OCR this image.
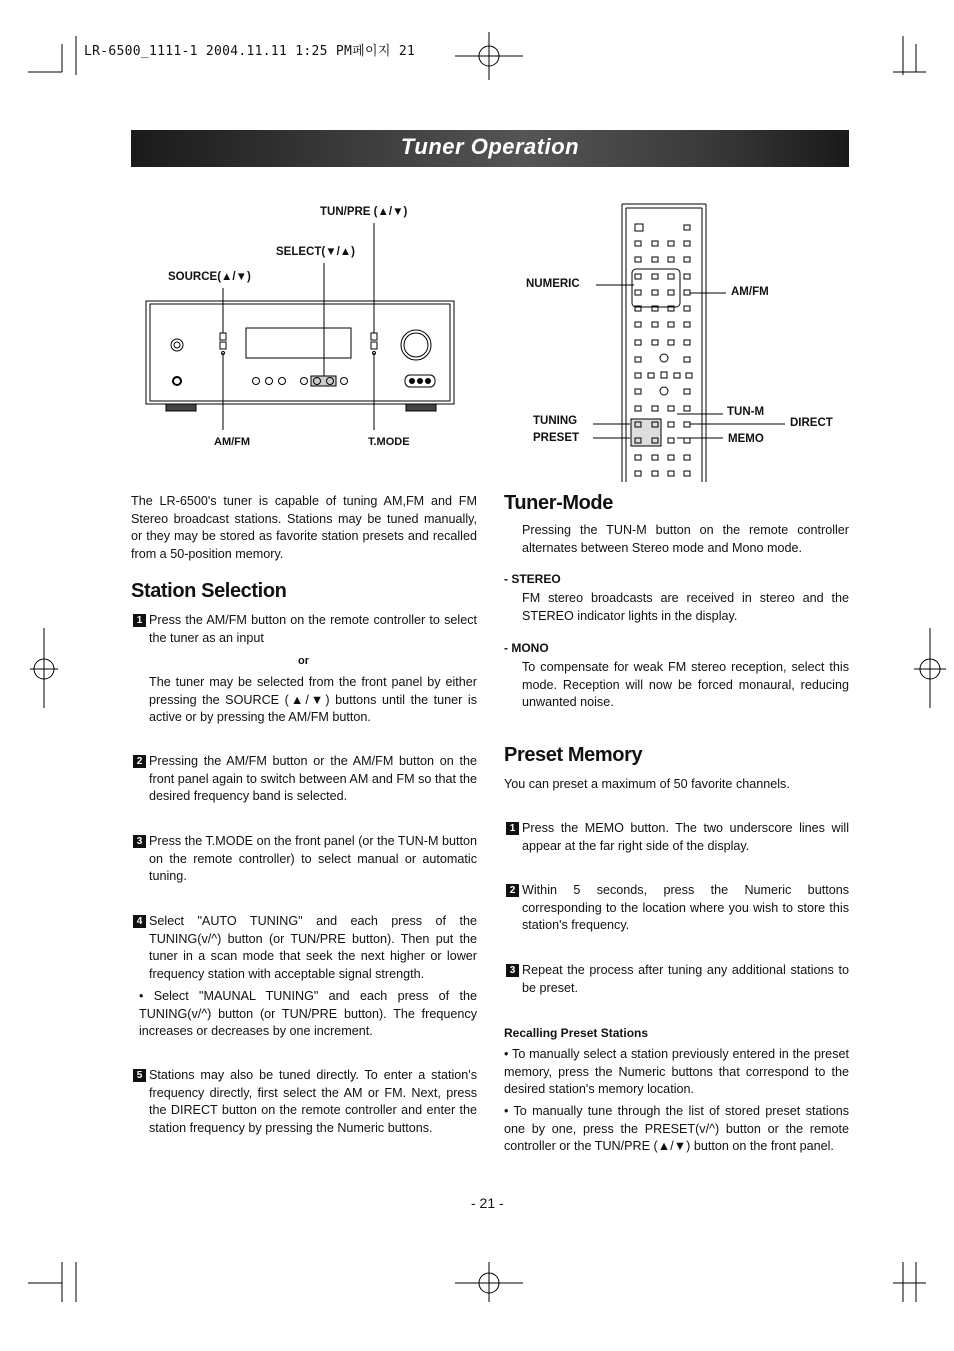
LR-6500_1111-1 2004.11.11 1:25 PM페이지 21
Tuner Operation
TUN/PRE (▲/▼)
SELECT(▼/▲)
SOURCE(▲/▼)
AM/FM	T.MODE
NUMERIC
AM/FM
TUN-M
DIRECT
TUNING
PRESET	MEMO
The LR-6500's tuner is capable of tuning AM,FM and FM Stereo broadcast stations. Stations may be tuned manually, or they may be stored as favorite station presets and recalled from a 50-position memory.
Station Selection
1 Press the AM/FM button on the remote controller to select the tuner as an input
or
The tuner may be selected from the front panel by either pressing the SOURCE (▲/▼) buttons until the tuner is active or by pressing the AM/FM button.
2 Pressing the AM/FM button or the AM/FM button on the front panel again to switch between AM and FM so that the desired frequency band is selected.
3 Press the T.MODE on the front panel (or the TUN-M button on the remote controller) to select manual or automatic tuning.
4 Select "AUTO TUNING" and each press of the TUNING(v/^) button (or TUN/PRE button). Then put the tuner in a scan mode that seek the next higher or lower frequency station with acceptable signal strength.
• Select "MAUNAL TUNING" and each press of the TUNING(v/^) button (or TUN/PRE button). The frequency increases or decreases by one increment.
5 Stations may also be tuned directly. To enter a station's frequency directly, first select the AM or FM. Next, press the DIRECT button on the remote controller and enter the station frequency by pressing the Numeric buttons.
Tuner-Mode
Pressing the TUN-M button on the remote controller alternates between Stereo mode and Mono mode.
- STEREO
FM stereo broadcasts are received in stereo and the STEREO indicator lights in the display.
- MONO
To compensate for weak FM stereo reception, select this mode. Reception will now be forced monaural, reducing unwanted noise.
Preset Memory
You can preset a maximum of 50 favorite channels.
1 Press the MEMO button. The two underscore lines will appear at the far right side of the display.
2 Within 5 seconds, press the Numeric buttons corresponding to the location where you wish to store this station's frequency.
3 Repeat the process after tuning any additional stations to be preset.
Recalling Preset Stations
• To manually select a station previously entered in the preset memory, press the Numeric buttons that correspond to the desired station's memory location.
• To manually tune through the list of stored preset stations one by one, press the PRESET(v/^) button or the remote controller or the TUN/PRE (▲/▼) button on the front panel.
- 21 -
